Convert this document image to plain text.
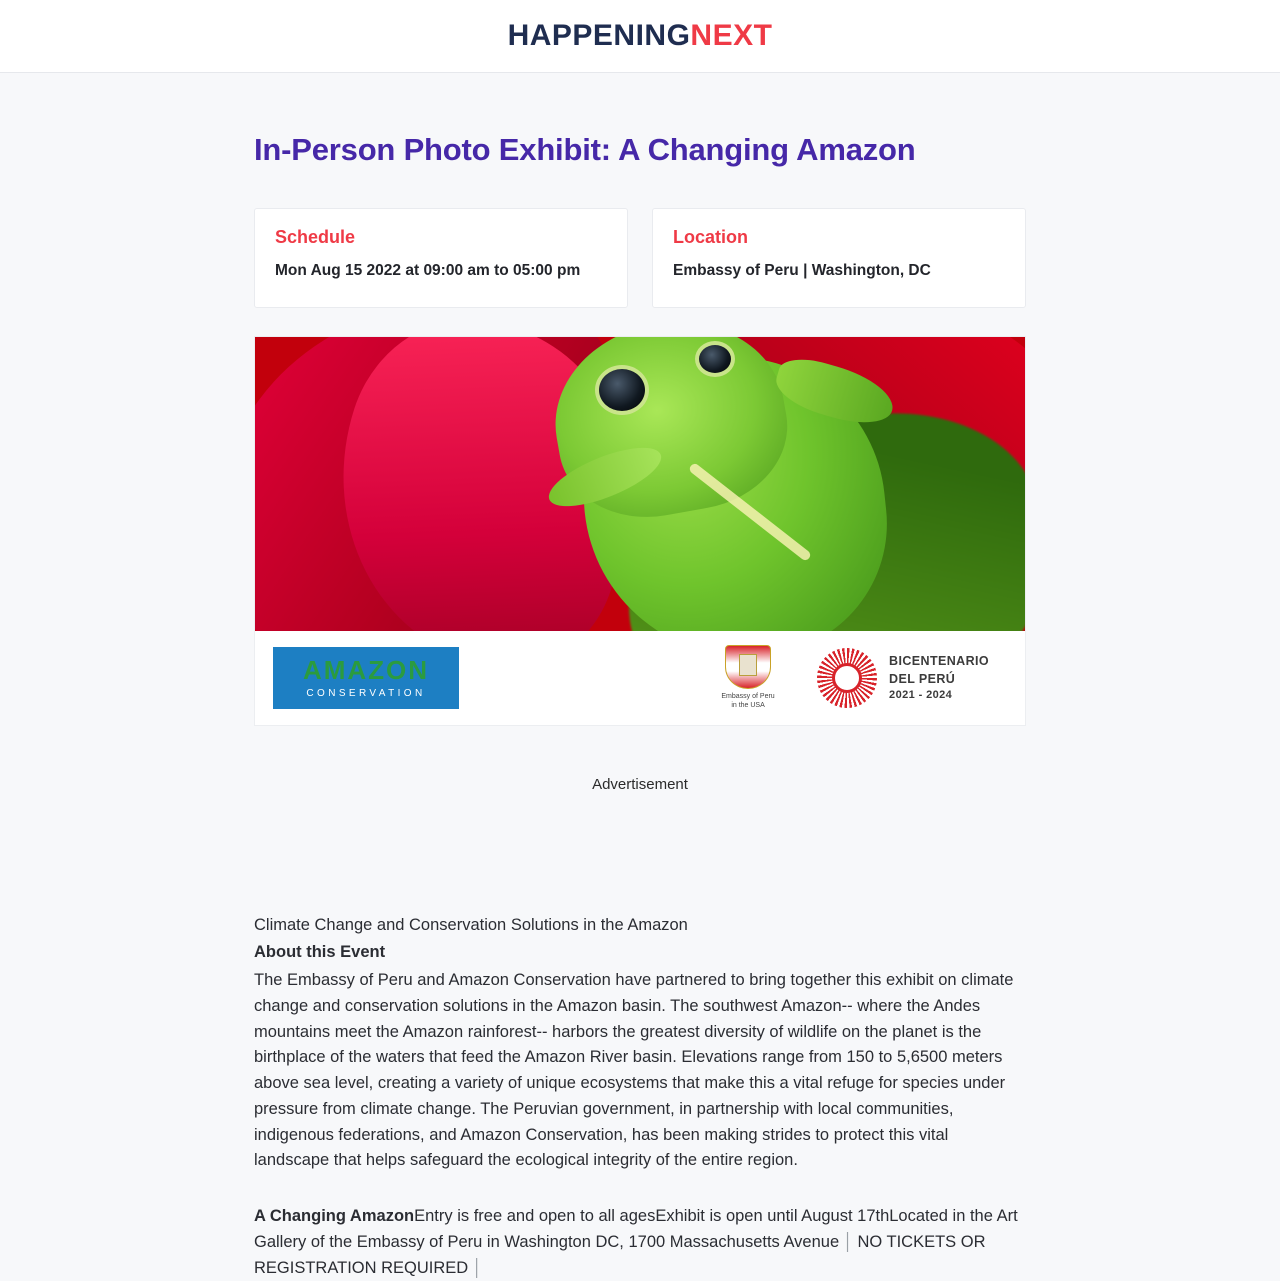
HAPPENINGNEXT
In-Person Photo Exhibit: A Changing Amazon

Schedule

Mon Aug 15 2022 at 09:00 am to 05:00 pm

Location

Embassy of Peru | Washington, DC

AMAZON
CONSERVATION	Embassy of Peru
in the USA
BICENTENARIO
DEL PERÚ
2021 - 2024
Advertisement

Climate Change and Conservation Solutions in the Amazon

About this Event

The Embassy of Peru and Amazon Conservation have partnered to bring together this exhibit on climate change and conservation solutions in the Amazon basin. The southwest Amazon-- where the Andes mountains meet the Amazon rainforest-- harbors the greatest diversity of wildlife on the planet is the birthplace of the waters that feed the Amazon River basin. Elevations range from 150 to 5,6500 meters above sea level, creating a variety of unique ecosystems that make this a vital refuge for species under pressure from climate change. The Peruvian government, in partnership with local communities, indigenous federations, and Amazon Conservation, has been making strides to protect this vital landscape that helps safeguard the ecological integrity of the entire region.

A Changing AmazonEntry is free and open to all agesExhibit is open until August 17thLocated in the Art Gallery of the Embassy of Peru in Washington DC, 1700 Massachusetts Avenue │ NO TICKETS OR REGISTRATION REQUIRED │
